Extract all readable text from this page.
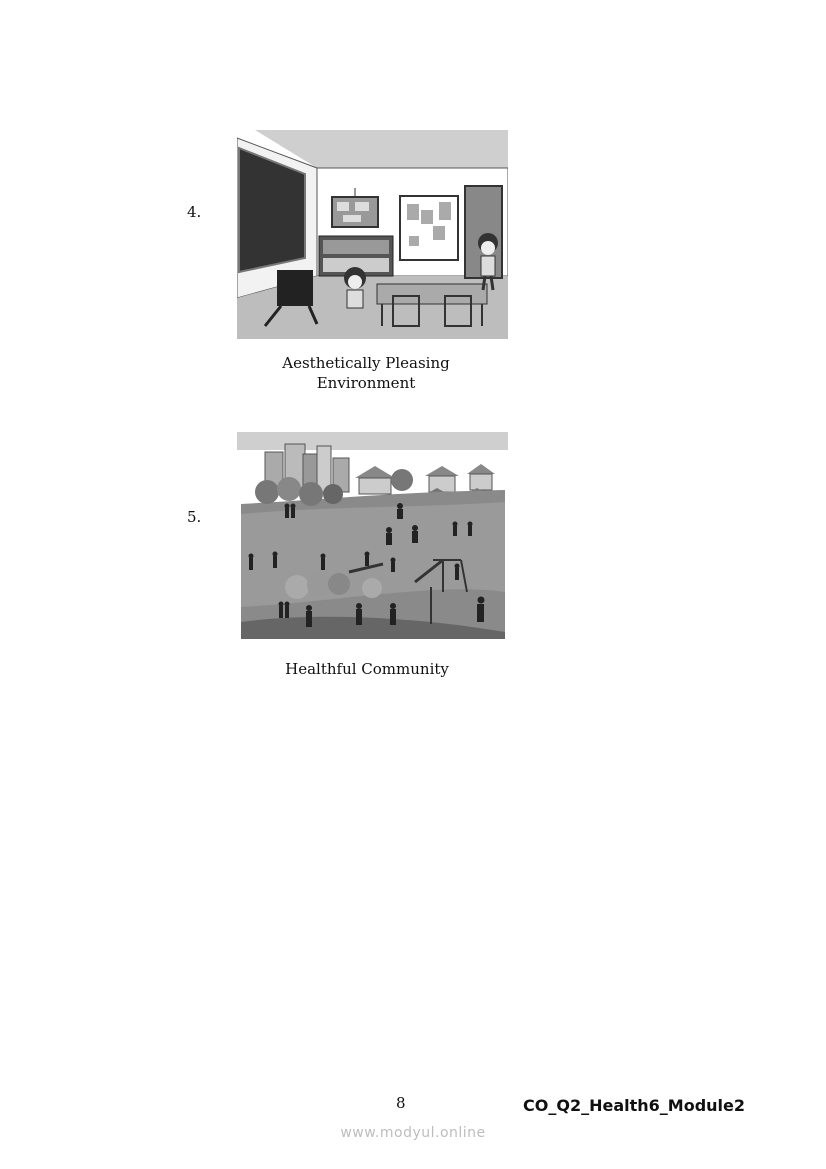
4.
Aesthetically Pleasing
Environment
5.
Healthful Community
8	CO_Q2_Health6_Module2
www.modyul.online
